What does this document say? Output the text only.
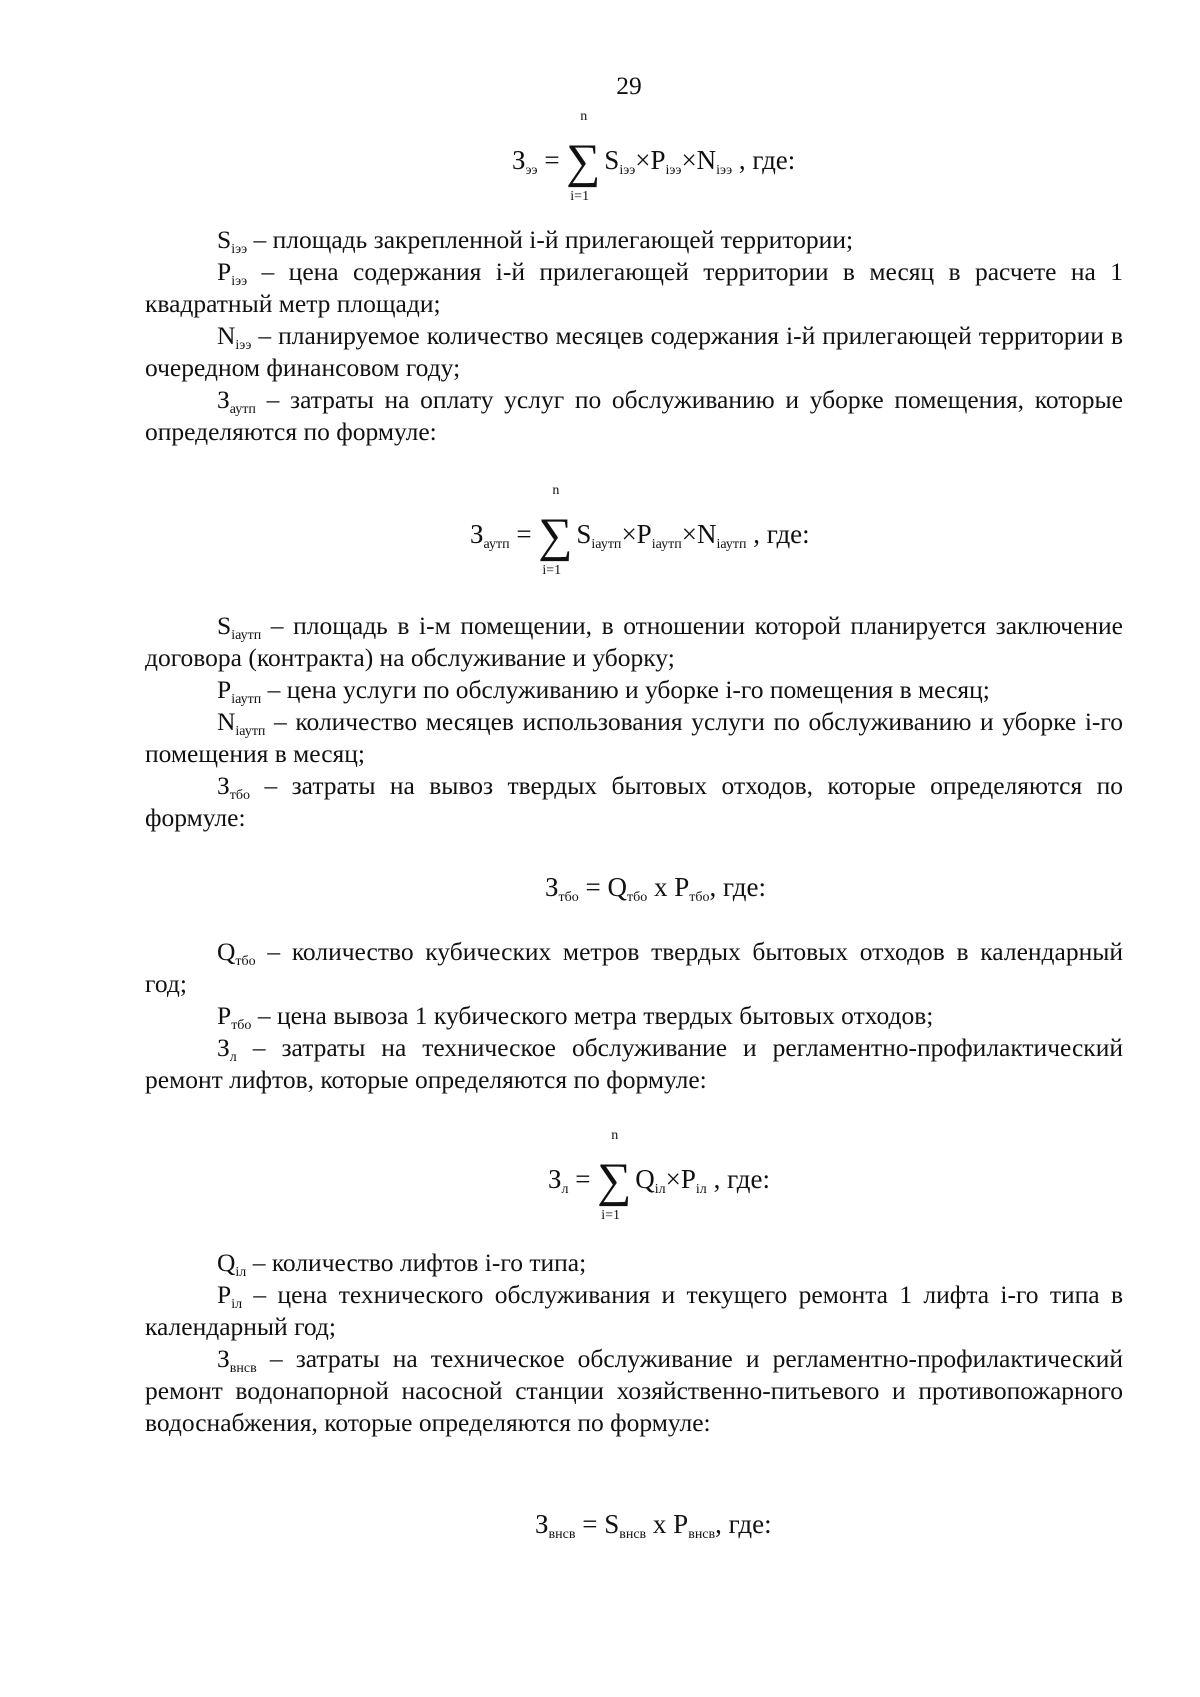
29
$З_{ээ}$ =
n
∑
i=1
$S_{iээ}\times P_{iээ}\times N_{iээ}$ , где:

$S_{iээ}$ – площадь закрепленной i-й прилегающей территории;

$P_{iээ}$ – цена содержания i-й прилегающей территории в месяц в расчете на 1 квадратный метр площади;

$N_{iээ}$ – планируемое количество месяцев содержания i-й прилегающей территории в очередном финансовом году;

$З_{аутп}$ – затраты на оплату услуг по обслуживанию и уборке помещения, которые определяются по формуле:

$З_{аутп}$ =
n
∑
i=1
$S_{iаутп}\times P_{iаутп}\times N_{iаутп}$ , где:

$S_{iаутп}$ – площадь в i-м помещении, в отношении которой планируется заключение договора (контракта) на обслуживание и уборку;

$P_{iаутп}$ – цена услуги по обслуживанию и уборке i-го помещения в месяц;

$N_{iаутп}$ – количество месяцев использования услуги по обслуживанию и уборке i-го помещения в месяц;

$З_{тбо}$ – затраты на вывоз твердых бытовых отходов, которые определяются по формуле:

$З_{тбо} = Q_{тбо}$ x $P_{тбо}$, где:

$Q_{тбо}$ – количество кубических метров твердых бытовых отходов в календарный год;

$P_{тбо}$ – цена вывоза 1 кубического метра твердых бытовых отходов;

$З_л$ – затраты на техническое обслуживание и регламентно-профилактический ремонт лифтов, которые определяются по формуле:

$З_л$ =
n
∑
i=1
$Q_{iл}\times P_{iл}$ , где:

$Q_{iл}$ – количество лифтов i-го типа;

$P_{iл}$ – цена технического обслуживания и текущего ремонта 1 лифта i-го типа в календарный год;

$З_{внсв}$ – затраты на техническое обслуживание и регламентно-профилактический ремонт водонапорной насосной станции хозяйственно-питьевого и противопожарного водоснабжения, которые определяются по формуле:

$З_{внсв} = S_{внсв}$ x $P_{внсв}$, где:
